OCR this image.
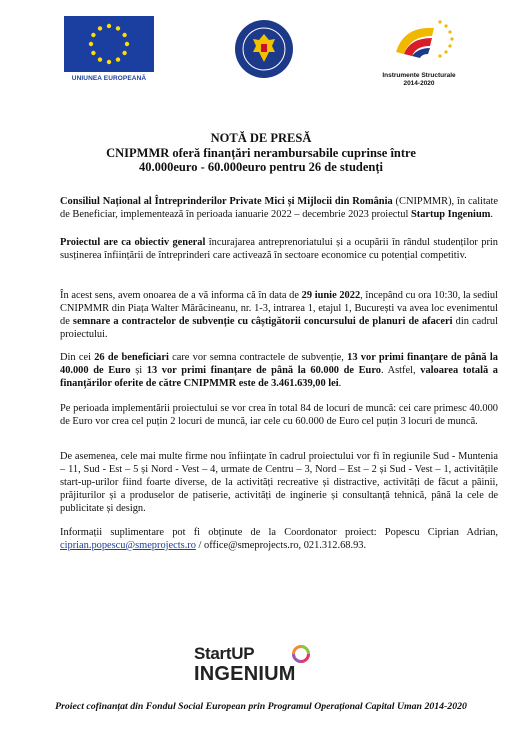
UNIUNEA EUROPEANĂ	Instrumente Structurale
2014-2020
NOTĂ DE PRESĂ
CNIPMMR oferă finanțări nerambursabile cuprinse între
40.000euro - 60.000euro pentru 26 de studenți
Consiliul Național al Întreprinderilor Private Mici și Mijlocii din România (CNIPMMR), în calitate de Beneficiar, implementează în perioada ianuarie 2022 – decembrie 2023 proiectul Startup Ingenium.
Proiectul are ca obiectiv general încurajarea antreprenoriatului și a ocupării în rândul studenților prin susținerea înființării de întreprinderi care activează în sectoare economice cu potențial competitiv.
În acest sens, avem onoarea de a vă informa că în data de 29 iunie 2022, începând cu ora 10:30, la sediul CNIPMMR din Piața Walter Mărăcineanu, nr. 1-3, intrarea 1, etajul 1, București va avea loc evenimentul de semnare a contractelor de subvenție cu câștigătorii concursului de planuri de afaceri din cadrul proiectului.
Din cei 26 de beneficiari care vor semna contractele de subvenție, 13 vor primi finanțare de până la 40.000 de Euro și 13 vor primi finanțare de până la 60.000 de Euro. Astfel, valoarea totală a finanțărilor oferite de către CNIPMMR este de 3.461.639,00 lei.
Pe perioada implementării proiectului se vor crea în total 84 de locuri de muncă: cei care primesc 40.000 de Euro vor crea cel puțin 2 locuri de muncă, iar cele cu 60.000 de Euro cel puțin 3 locuri de muncă.
De asemenea, cele mai multe firme nou înființate în cadrul proiectului vor fi în regiunile Sud - Muntenia – 11, Sud - Est – 5 și Nord - Vest – 4, urmate de Centru – 3, Nord – Est – 2 și Sud - Vest – 1, activitățile start-up-urilor fiind foarte diverse, de la activități recreative și distractive, activități de făcut a pâinii, prăjiturilor și a produselor de patiserie, activități de inginerie și consultanță tehnică, până la cele de publicitate și design.
Informații suplimentare pot fi obținute de la Coordonator proiect: Popescu Ciprian Adrian, ciprian.popescu@smeprojects.ro / office@smeprojects.ro, 021.312.68.93.
StartUP
INGENIUM
Proiect cofinanțat din Fondul Social European prin Programul Operațional Capital Uman 2014-2020
